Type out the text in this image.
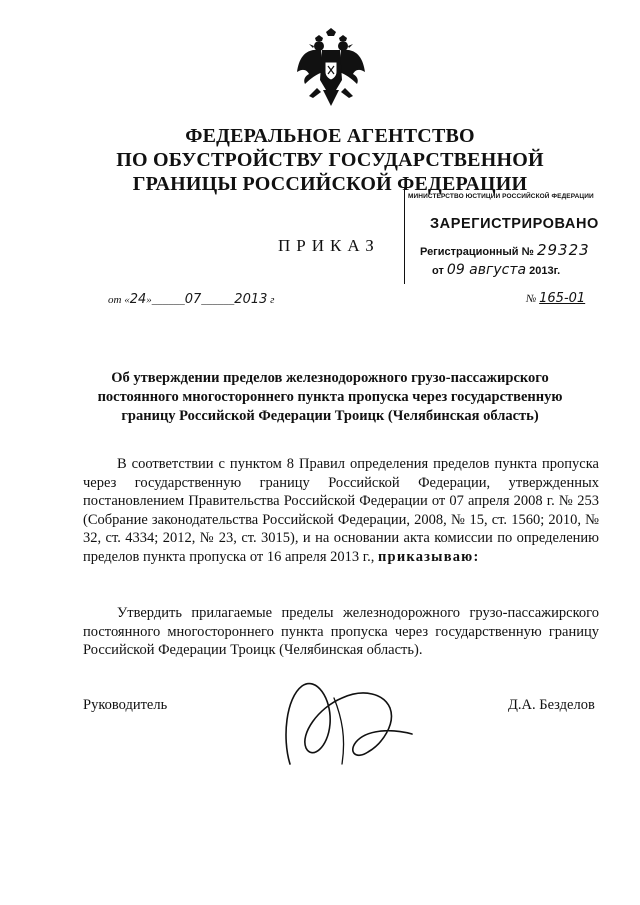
ФЕДЕРАЛЬНОЕ АГЕНТСТВО
ПО ОБУСТРОЙСТВУ ГОСУДАРСТВЕННОЙ
ГРАНИЦЫ РОССИЙСКОЙ ФЕДЕРАЦИИ
МИНИСТЕРСТВО ЮСТИЦИИ РОССИЙСКОЙ ФЕДЕРАЦИИ
ЗАРЕГИСТРИРОВАНО
Регистрационный № 29323
от 09 августа 2013г.
ПРИКАЗ
от «24»______07______2013 г	№ 165-01
Об утверждении пределов железнодорожного грузо-пассажирского
постоянного многостороннего пункта пропуска через государственную
границу Российской Федерации Троицк (Челябинская область)
В соответствии с пунктом 8 Правил определения пределов пункта пропуска через государственную границу Российской Федерации, утвержденных постановлением Правительства Российской Федерации от 07 апреля 2008 г. № 253 (Собрание законодательства Российской Федерации, 2008, № 15, ст. 1560; 2010, № 32, ст. 4334; 2012, № 23, ст. 3015), и на основании акта комиссии по определению пределов пункта пропуска от 16 апреля 2013 г., приказываю:
Утвердить прилагаемые пределы железнодорожного грузо-пассажирского постоянного многостороннего пункта пропуска через государственную границу Российской Федерации Троицк (Челябинская область).
Руководитель	Д.А. Безделов
